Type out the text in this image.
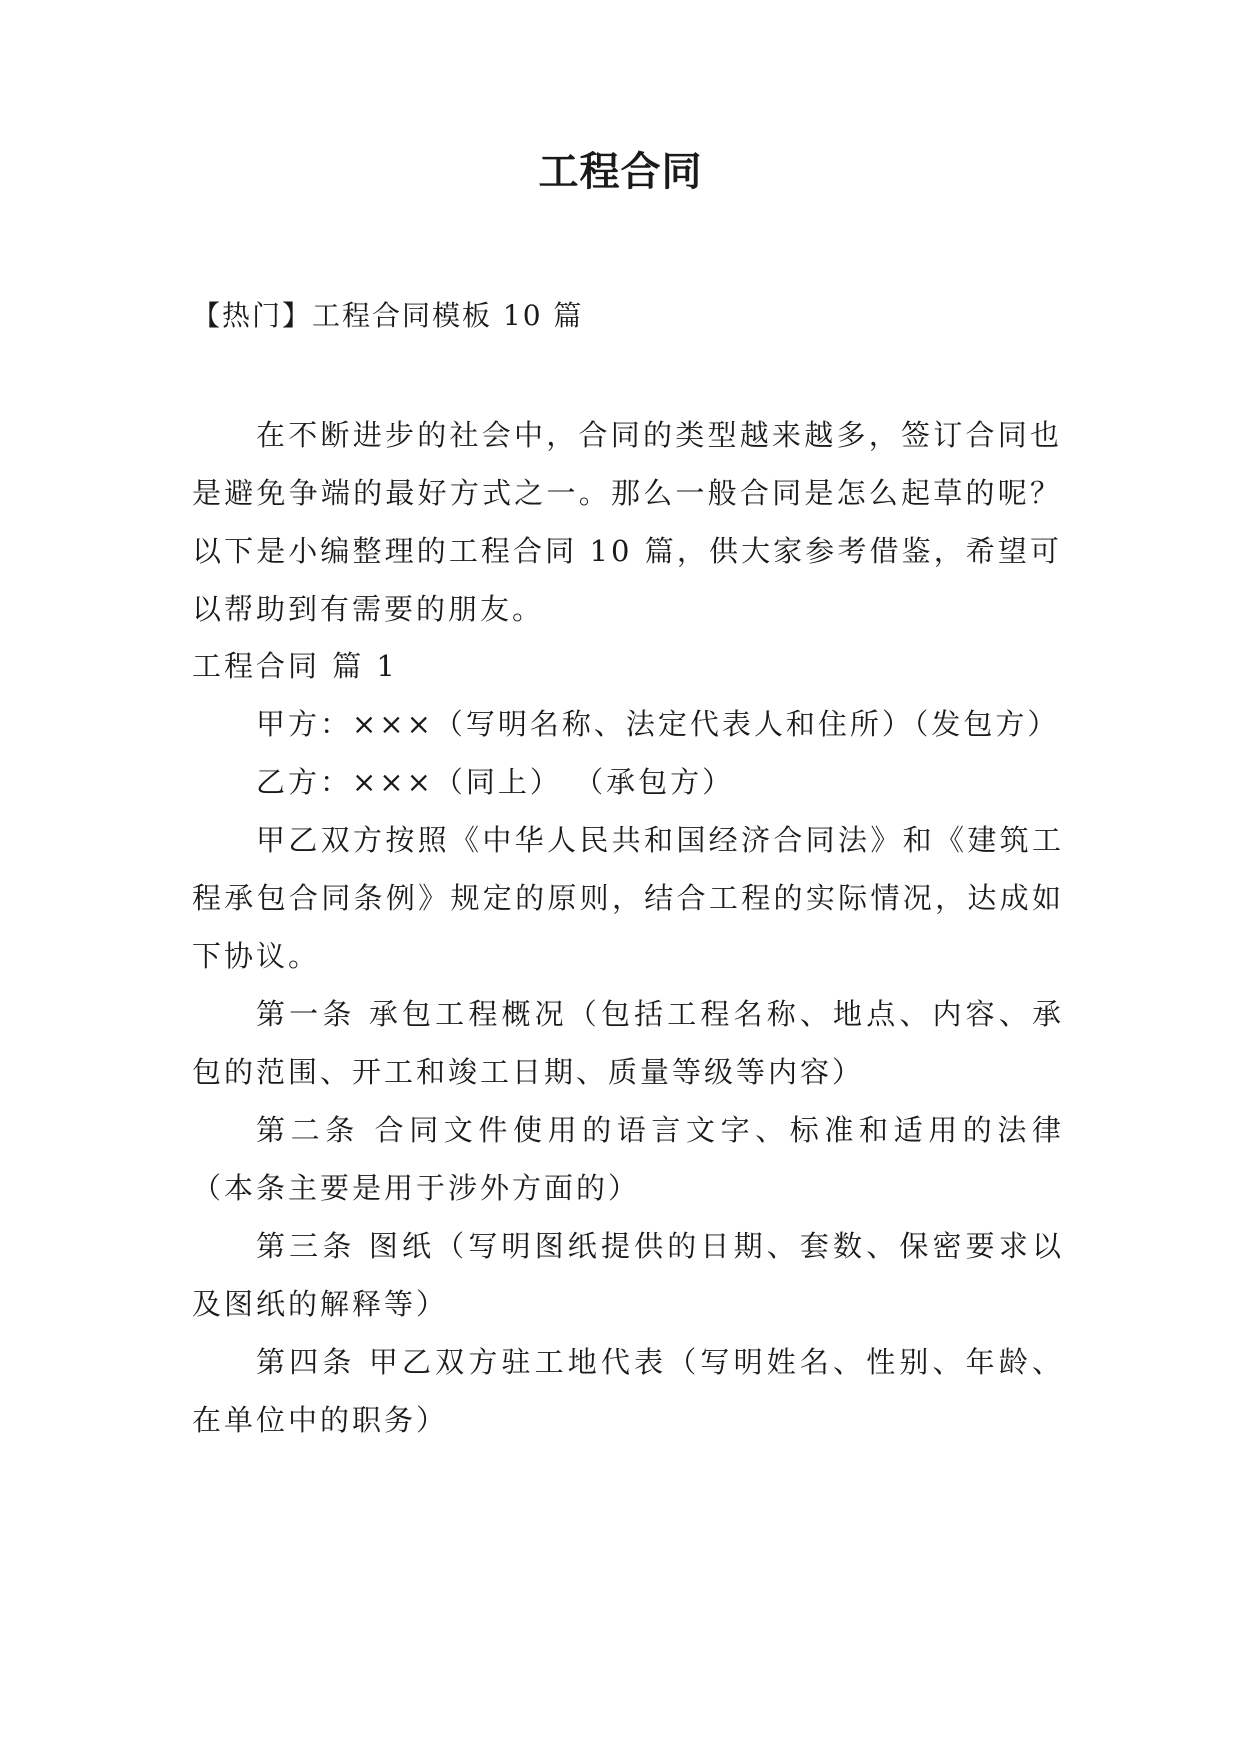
工程合同
【热门】工程合同模板 10 篇

在不断进步的社会中，合同的类型越来越多，签订合同也是避免争端的最好方式之一。那么一般合同是怎么起草的呢？以下是小编整理的工程合同 10 篇，供大家参考借鉴，希望可以帮助到有需要的朋友。

工程合同 篇 1

甲方：×××（写明名称、法定代表人和住所）（发包方）

乙方：×××（同上） （承包方）

甲乙双方按照《中华人民共和国经济合同法》和《建筑工程承包合同条例》规定的原则，结合工程的实际情况，达成如下协议。

第一条 承包工程概况（包括工程名称、地点、内容、承包的范围、开工和竣工日期、质量等级等内容）

第二条 合同文件使用的语言文字、标准和适用的法律（本条主要是用于涉外方面的）

第三条 图纸（写明图纸提供的日期、套数、保密要求以及图纸的解释等）

第四条 甲乙双方驻工地代表（写明姓名、性别、年龄、在单位中的职务）
